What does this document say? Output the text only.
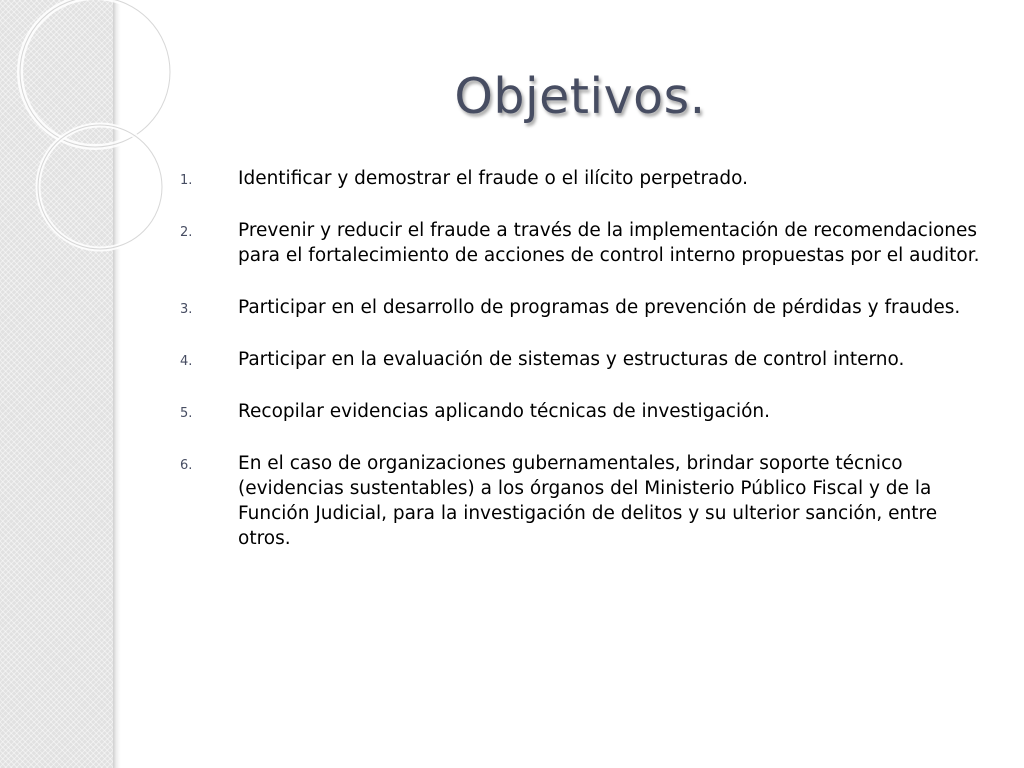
Objetivos.
1. Identificar y demostrar el fraude o el ilícito perpetrado.
2. Prevenir y reducir el fraude a través de la implementación de recomendaciones para el fortalecimiento de acciones de control interno propuestas por el auditor.
3. Participar en el desarrollo de programas de prevención de pérdidas y fraudes.
4. Participar en la evaluación de sistemas y estructuras de control interno.
5. Recopilar evidencias aplicando técnicas de investigación.
6. En el caso de organizaciones gubernamentales, brindar soporte técnico (evidencias sustentables) a los órganos del Ministerio Público Fiscal y de la Función Judicial, para la investigación de delitos y su ulterior sanción, entre otros.
